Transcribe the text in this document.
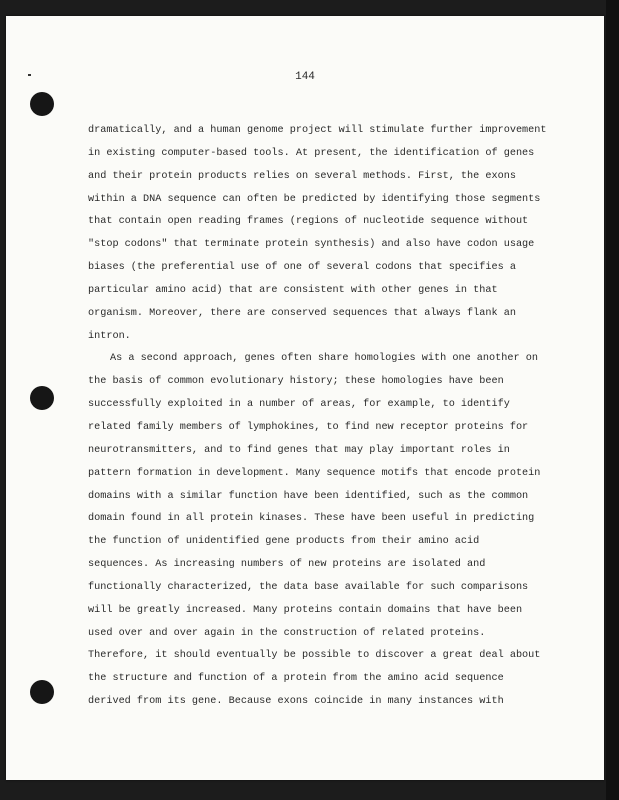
144
dramatically, and a human genome project will stimulate further improvement
in existing computer-based tools. At present, the identification of genes
and their protein products relies on several methods. First, the exons
within a DNA sequence can often be predicted by identifying those segments
that contain open reading frames (regions of nucleotide sequence without
"stop codons" that terminate protein synthesis) and also have codon usage
biases (the preferential use of one of several codons that specifies a
particular amino acid) that are consistent with other genes in that
organism. Moreover, there are conserved sequences that always flank an
intron.
As a second approach, genes often share homologies with one another on
the basis of common evolutionary history; these homologies have been
successfully exploited in a number of areas, for example, to identify
related family members of lymphokines, to find new receptor proteins for
neurotransmitters, and to find genes that may play important roles in
pattern formation in development. Many sequence motifs that encode protein
domains with a similar function have been identified, such as the common
domain found in all protein kinases. These have been useful in predicting
the function of unidentified gene products from their amino acid
sequences. As increasing numbers of new proteins are isolated and
functionally characterized, the data base available for such comparisons
will be greatly increased. Many proteins contain domains that have been
used over and over again in the construction of related proteins.
Therefore, it should eventually be possible to discover a great deal about
the structure and function of a protein from the amino acid sequence
derived from its gene. Because exons coincide in many instances with
